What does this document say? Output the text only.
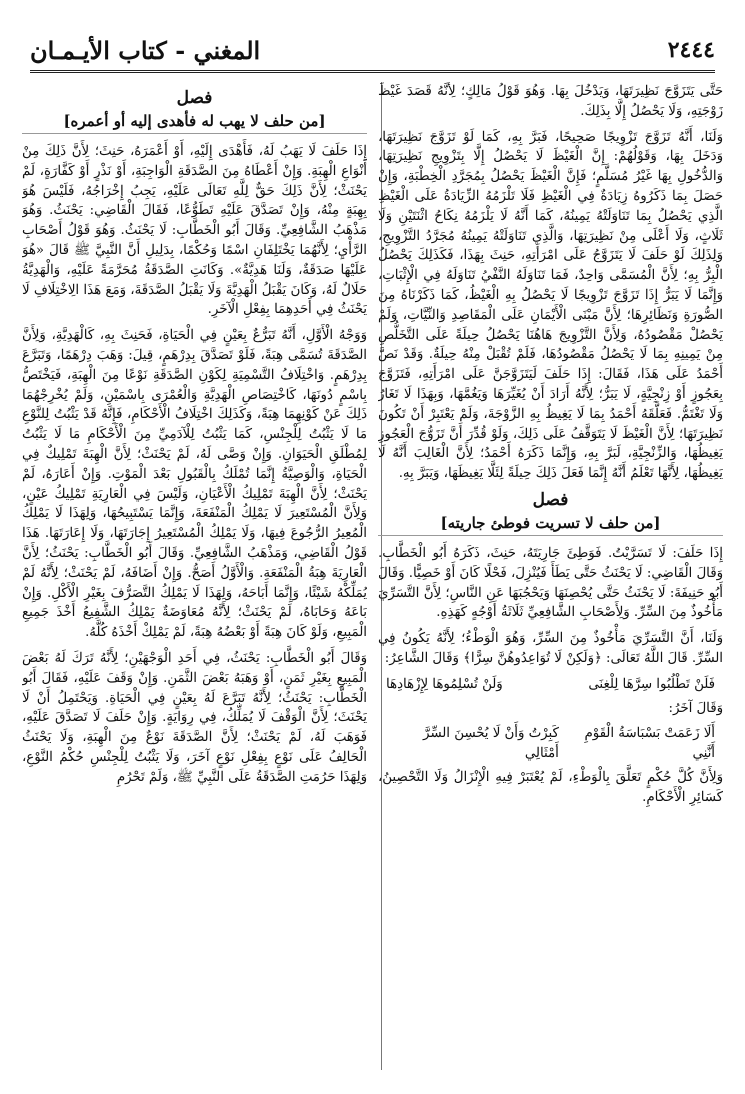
٢٤٤٤
المغني - كتاب الأيـمـان

حَتَّى يَتَزَوَّجَ نَظِيرَتَهَا، وَيَدْخُلَ بِهَا. وَهُوَ قَوْلُ مَالِكٍ؛ لِأَنَّهُ قَصَدَ غَيْظَ زَوْجَتِهِ، وَلَا يَحْصُلُ إِلَّا بِذَلِكَ.

وَلَنَا، أَنَّهُ تَزَوَّجَ تَزْوِيجًا صَحِيحًا، فَبَرَّ بِهِ، كَمَا لَوْ تَزَوَّجَ نَظِيرَتَهَا، وَدَخَلَ بِهَا، وَقَوْلُهُمْ: إِنَّ الْغَيْظَ لَا يَحْصُلُ إِلَّا بِتَزْوِيجِ نَظِيرَتِهَا، وَالدُّخُولِ بِهَا غَيْرُ مُسَلَّمٍ؛ فَإِنَّ الْغَيْظَ يَحْصُلُ بِمُجَرَّدِ الْخِطْبَةِ، وَإِنْ حَصَلَ بِمَا ذَكَرُوهُ زِيَادَةٌ فِي الْغَيْظِ فَلَا تَلْزَمُهُ الزِّيَادَةُ عَلَى الْغَيْظِ الَّذِي يَحْصُلُ بِمَا تَنَاوَلَتْهُ يَمِينُهُ، كَمَا أَنَّهُ لَا يَلْزَمُهُ نِكَاحُ اثْنَتَيْنِ وَلَا ثَلَاثٍ، وَلَا أَعْلَى مِنْ نَظِيرَتِهَا، وَالَّذِي تَنَاوَلَتْهُ يَمِينُهُ مُجَرَّدُ التَّزْوِيجِ، وَلِذَلِكَ لَوْ حَلَفَ لَا يَتَزَوَّجُ عَلَى امْرَأَتِهِ، حَنِثَ بِهَذَا، فَكَذَلِكَ يَحْصُلُ الْبِرُّ بِهِ؛ لِأَنَّ الْمُسَمَّى وَاحِدٌ، فَمَا تَنَاوَلَهُ النَّفْيُ تَنَاوَلَهُ فِي الْإِثْبَاتِ، وَإِنَّمَا لَا يَبَرُّ إِذَا تَزَوَّجَ تَزْوِيجًا لَا يَحْصُلُ بِهِ الْغَيْظُ، كَمَا ذَكَرْنَاهُ مِنَ الصُّورَةِ وَنَظَائِرِهَا؛ لِأَنَّ مَبْنَى الْأَيْمَانِ عَلَى الْمَقَاصِدِ وَالنِّيَّاتِ، وَلَمْ يَحْصُلْ مَقْصُودُهُ، وَلِأَنَّ التَّزْوِيجَ هَاهُنَا يَحْصُلُ حِيلَةً عَلَى التَّخَلُّصِ مِنْ يَمِينِهِ بِمَا لَا يَحْصُلُ مَقْصُودُهَا، فَلَمْ تُقْبَلْ مِنْهُ حِيلَةٌ. وَقَدْ نَصَّ أَحْمَدُ عَلَى هَذَا، فَقَالَ: إِذَا حَلَفَ لَيَتَزَوَّجَنَّ عَلَى امْرَأَتِهِ، فَتَزَوَّجَ بِعَجُوزٍ أَوْ زِنْجِيَّةٍ، لَا يَبَرُّ؛ لِأَنَّهُ أَرَادَ أَنْ يُغَيِّرَهَا وَيَغُمَّهَا، وَبِهَذَا لَا تَغَارُ وَلَا تَغْتَمُّ. فَعَلَّقَهُ أَحْمَدُ بِمَا لَا يَغِيظُ بِهِ الزَّوْجَةَ، وَلَمْ يَعْتَبِرْ أَنْ تَكُونَ نَظِيرَتَهَا؛ لِأَنَّ الْغَيْظَ لَا يَتَوَقَّفُ عَلَى ذَلِكَ، وَلَوْ قُدِّرَ أَنَّ تَزَوُّجَ الْعَجُوزِ يَغِيظُهَا، وَالزِّنْجِيَّةِ، لَبَرَّ بِهِ، وَإِنَّمَا ذَكَرَهُ أَحْمَدُ؛ لِأَنَّ الْغَالِبَ أَنَّهُ لَا يَغِيظُهَا، لِأَنَّهَا تَعْلَمُ أَنَّهُ إِنَّمَا فَعَلَ ذَلِكَ حِيلَةً لِئَلَّا يَغِيظَهَا، وَيَبَرَّ بِهِ.

فصل
[من حلف لا تسريت فوطئ جاريته]

إِذَا حَلَفَ: لَا تَسَرَّيْتُ. فَوَطِئَ جَارِيَتَهُ، حَنِثَ، ذَكَرَهُ أَبُو الْخَطَّابِ. وَقَالَ الْقَاضِي: لَا يَحْنَثُ حَتَّى يَطَأَ فَيُنْزِلَ، فَحْلًا كَانَ أَوْ خَصِيًّا. وَقَالَ أَبُو حَنِيفَةَ: لَا يَحْنَثُ حَتَّى يُحْصِنَهَا وَيَحْجُبَهَا عَنِ النَّاسِ؛ لِأَنَّ التَّسَرِّيَ مَأْخُوذٌ مِنَ السِّرِّ. وَلِأَصْحَابِ الشَّافِعِيِّ ثَلَاثَةُ أَوْجُهٍ كَهَذِهِ.

وَلَنَا، أَنَّ التَّسَرِّيَ مَأْخُوذٌ مِنَ السِّرِّ، وَهُوَ الْوَطْءُ؛ لِأَنَّهُ يَكُونُ فِي السِّرِّ. قَالَ اللَّهُ تَعَالَى: ﴿وَلَكِنْ لَا تُوَاعِدُوهُنَّ سِرًّا﴾ وَقَالَ الشَّاعِرُ:

فَلَنْ تَطْلُبُوا سِرَّهَا لِلْغِنَى
وَلَنْ تُسْلِمُوهَا لِإِزْهَادِهَا

وَقَالَ آخَرُ:

أَلَا زَعَمَتْ بَسْبَاسَةُ الْقَوْمِ أَنَّنِي
كَبِرْتُ وَأَنْ لَا يُحْسِنَ السِّرَّ أَمْثَالِي

وَلِأَنَّ كُلَّ حُكْمٍ تَعَلَّقَ بِالْوَطْءِ، لَمْ يُعْتَبَرْ فِيهِ الْإِنْزَالُ وَلَا التَّحْصِينُ، كَسَائِرِ الْأَحْكَامِ.

فصل
[من حلف لا يهب له فأهدى إليه أو أعمره]

إِذَا حَلَفَ لَا يَهَبُ لَهُ، فَأَهْدَى إِلَيْهِ، أَوْ أَعْمَرَهُ، حَنِثَ؛ لِأَنَّ ذَلِكَ مِنْ أَنْوَاعِ الْهِبَةِ. وَإِنْ أَعْطَاهُ مِنَ الصَّدَقَةِ الْوَاجِبَةِ، أَوْ نَذْرٍ أَوْ كَفَّارَةٍ، لَمْ يَحْنَثْ؛ لِأَنَّ ذَلِكَ حَقٌّ لِلَّهِ تَعَالَى عَلَيْهِ، يَجِبُ إِخْرَاجُهُ، فَلَيْسَ هُوَ بِهِبَةٍ مِنْهُ، وَإِنْ تَصَدَّقَ عَلَيْهِ تَطَوُّعًا، فَقَالَ الْقَاضِي: يَحْنَثُ. وَهُوَ مَذْهَبُ الشَّافِعِيِّ. وَقَالَ أَبُو الْخَطَّابِ: لَا يَحْنَثُ. وَهُوَ قَوْلُ أَصْحَابِ الرَّأْيِ؛ لِأَنَّهُمَا يَخْتَلِفَانِ اسْمًا وَحُكْمًا، بِدَلِيلِ أَنَّ النَّبِيَّ ﷺ قَالَ «هُوَ عَلَيْهَا صَدَقَةٌ، وَلَنَا هَدِيَّةٌ». وَكَانَتِ الصَّدَقَةُ مُحَرَّمَةً عَلَيْهِ، وَالْهَدِيَّةُ حَلَالٌ لَهُ، وَكَانَ يَقْبَلُ الْهَدِيَّةَ وَلَا يَقْبَلُ الصَّدَقَةَ، وَمَعَ هَذَا الِاخْتِلَافِ لَا يَحْنَثُ فِي أَحَدِهِمَا بِفِعْلِ الْآخَرِ.

وَوَجْهُ الْأَوَّلِ، أَنَّهُ تَبَرُّعٌ بِعَيْنٍ فِي الْحَيَاةِ، فَحَنِثَ بِهِ، كَالْهَدِيَّةِ، وَلِأَنَّ الصَّدَقَةَ تُسَمَّى هِبَةً، فَلَوْ تَصَدَّقَ بِدِرْهَمٍ، قِيلَ: وَهَبَ دِرْهَمًا، وَتَبَرَّعَ بِدِرْهَمٍ. وَاخْتِلَافُ التَّسْمِيَةِ لِكَوْنِ الصَّدَقَةِ نَوْعًا مِنَ الْهِبَةِ، فَيَخْتَصُّ بِاسْمٍ دُونَهَا، كَاخْتِصَاصِ الْهَدِيَّةِ وَالْعُمْرَى بِاسْمَيْنِ، وَلَمْ يُخْرِجْهُمَا ذَلِكَ عَنْ كَوْنِهِمَا هِبَةً، وَكَذَلِكَ اخْتِلَافُ الْأَحْكَامِ، فَإِنَّهُ قَدْ يَثْبُتُ لِلنَّوْعِ مَا لَا يَثْبُتُ لِلْجِنْسِ، كَمَا يَثْبُتُ لِلْآدَمِيِّ مِنَ الْأَحْكَامِ مَا لَا يَثْبُتُ لِمُطْلَقِ الْحَيَوَانِ. وَإِنْ وَصَّى لَهُ، لَمْ يَحْنَثْ؛ لِأَنَّ الْهِبَةَ تَمْلِيكٌ فِي الْحَيَاةِ، وَالْوَصِيَّةُ إِنَّمَا تُمْلَكُ بِالْقَبُولِ بَعْدَ الْمَوْتِ. وَإِنْ أَعَارَهُ، لَمْ يَحْنَثْ؛ لِأَنَّ الْهِبَةَ تَمْلِيكُ الْأَعْيَانِ، وَلَيْسَ فِي الْعَارِيَةِ تَمْلِيكُ عَيْنٍ، وَلِأَنَّ الْمُسْتَعِيرَ لَا يَمْلِكُ الْمَنْفَعَةَ، وَإِنَّمَا يَسْتَبِيحُهَا، وَلِهَذَا لَا يَمْلِكُ الْمُعِيرُ الرُّجُوعَ فِيهَا، وَلَا يَمْلِكُ الْمُسْتَعِيرُ إِجَارَتَهَا، وَلَا إِعَارَتَهَا. هَذَا قَوْلُ الْقَاضِي، وَمَذْهَبُ الشَّافِعِيِّ. وَقَالَ أَبُو الْخَطَّابِ: يَحْنَثُ؛ لِأَنَّ الْعَارِيَةَ هِبَةُ الْمَنْفَعَةِ. وَالْأَوَّلُ أَصَحُّ. وَإِنْ أَضَافَهُ، لَمْ يَحْنَثْ؛ لِأَنَّهُ لَمْ يُمَلِّكْهُ شَيْئًا، وَإِنَّمَا أَبَاحَهُ، وَلِهَذَا لَا يَمْلِكُ التَّصَرُّفَ بِغَيْرِ الْأَكْلِ. وَإِنْ بَاعَهُ وَحَابَاهُ، لَمْ يَحْنَثْ؛ لِأَنَّهُ مُعَاوَضَةٌ يَمْلِكُ الشَّفِيعُ أَخْذَ جَمِيعِ الْمَبِيعِ، وَلَوْ كَانَ هِبَةً أَوْ بَعْضُهُ هِبَةً، لَمْ يَمْلِكْ أَخْذَهُ كُلَّهُ.

وَقَالَ أَبُو الْخَطَّابِ: يَحْنَثُ، فِي أَحَدِ الْوَجْهَيْنِ؛ لِأَنَّهُ تَرَكَ لَهُ بَعْضَ الْمَبِيعِ بِغَيْرِ ثَمَنٍ، أَوْ وَهَبَهُ بَعْضَ الثَّمَنِ. وَإِنْ وَقَفَ عَلَيْهِ، فَقَالَ أَبُو الْخَطَّابِ: يَحْنَثُ؛ لِأَنَّهُ تَبَرَّعَ لَهُ بِعَيْنٍ فِي الْحَيَاةِ. وَيَحْتَمِلُ أَنْ لَا يَحْنَثَ؛ لِأَنَّ الْوَقْفَ لَا يُمَلِّكُ، فِي رِوَايَةٍ. وَإِنْ حَلَفَ لَا تَصَدَّقَ عَلَيْهِ، فَوَهَبَ لَهُ، لَمْ يَحْنَثْ؛ لِأَنَّ الصَّدَقَةَ نَوْعٌ مِنَ الْهِبَةِ، وَلَا يَحْنَثُ الْحَالِفُ عَلَى نَوْعٍ بِفِعْلِ نَوْعٍ آخَرَ، وَلَا يَثْبُتُ لِلْجِنْسِ حُكْمُ النَّوْعِ، وَلِهَذَا حَرُمَتِ الصَّدَقَةُ عَلَى النَّبِيِّ ﷺ، وَلَمْ تَحْرُمِ
